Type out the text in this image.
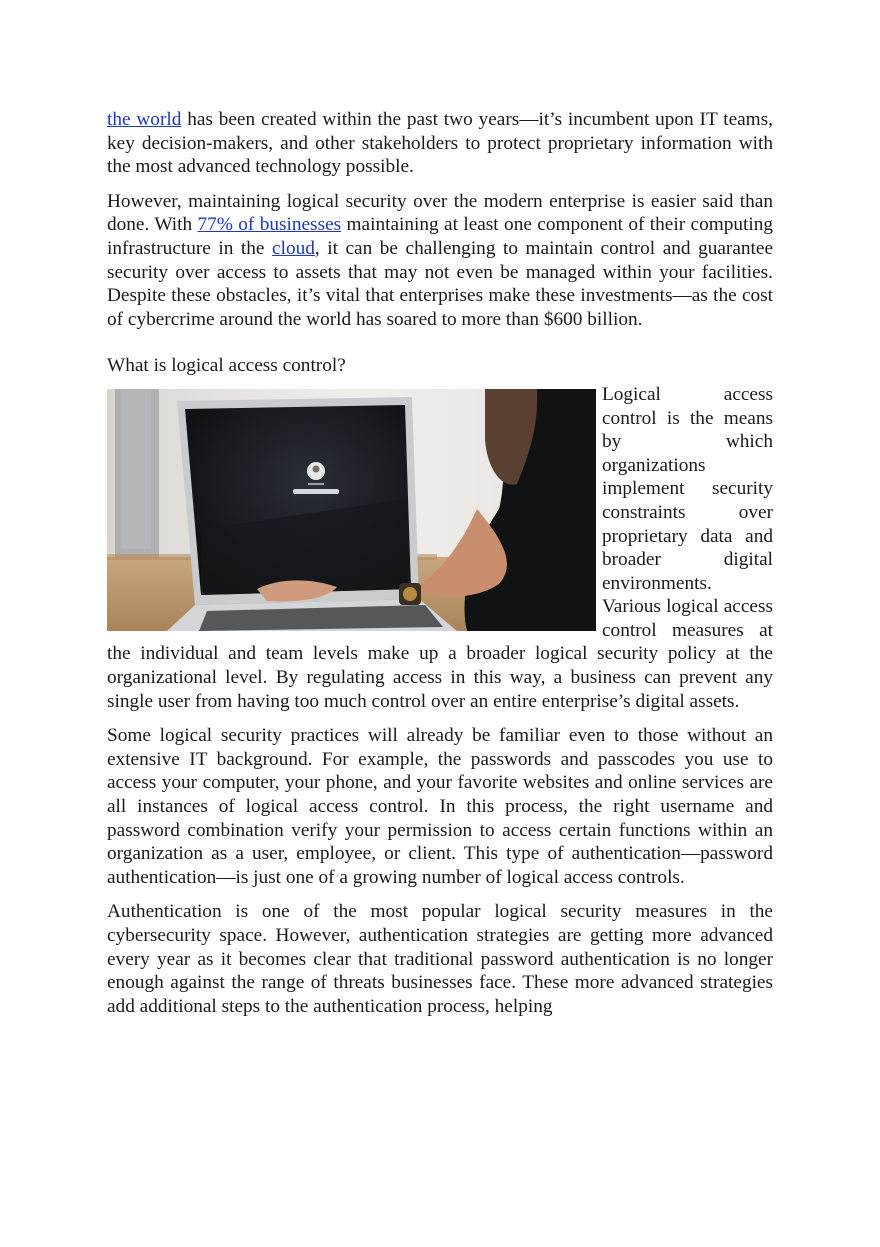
the world has been created within the past two years—it’s incumbent upon IT teams, key decision-makers, and other stakeholders to protect proprietary information with the most advanced technology possible.

However, maintaining logical security over the modern enterprise is easier said than done. With 77% of businesses maintaining at least one component of their computing infrastructure in the cloud, it can be challenging to maintain control and guarantee security over access to assets that may not even be managed within your facilities. Despite these obstacles, it’s vital that enterprises make these investments—as the cost of cybercrime around the world has soared to more than $600 billion.

What is logical access control?

Logical access control is the means by which organizations implement security constraints over proprietary data and broader digital environments. Various logical access control measures at the individual and team levels make up a broader logical security policy at the organizational level. By regulating access in this way, a business can prevent any single user from having too much control over an entire enterprise’s digital assets.

Some logical security practices will already be familiar even to those without an extensive IT background. For example, the passwords and passcodes you use to access your computer, your phone, and your favorite websites and online services are all instances of logical access control. In this process, the right username and password combination verify your permission to access certain functions within an organization as a user, employee, or client. This type of authentication—password authentication—is just one of a growing number of logical access controls.

Authentication is one of the most popular logical security measures in the cybersecurity space. However, authentication strategies are getting more advanced every year as it becomes clear that traditional password authentication is no longer enough against the range of threats businesses face. These more advanced strategies add additional steps to the authentication process, helping
